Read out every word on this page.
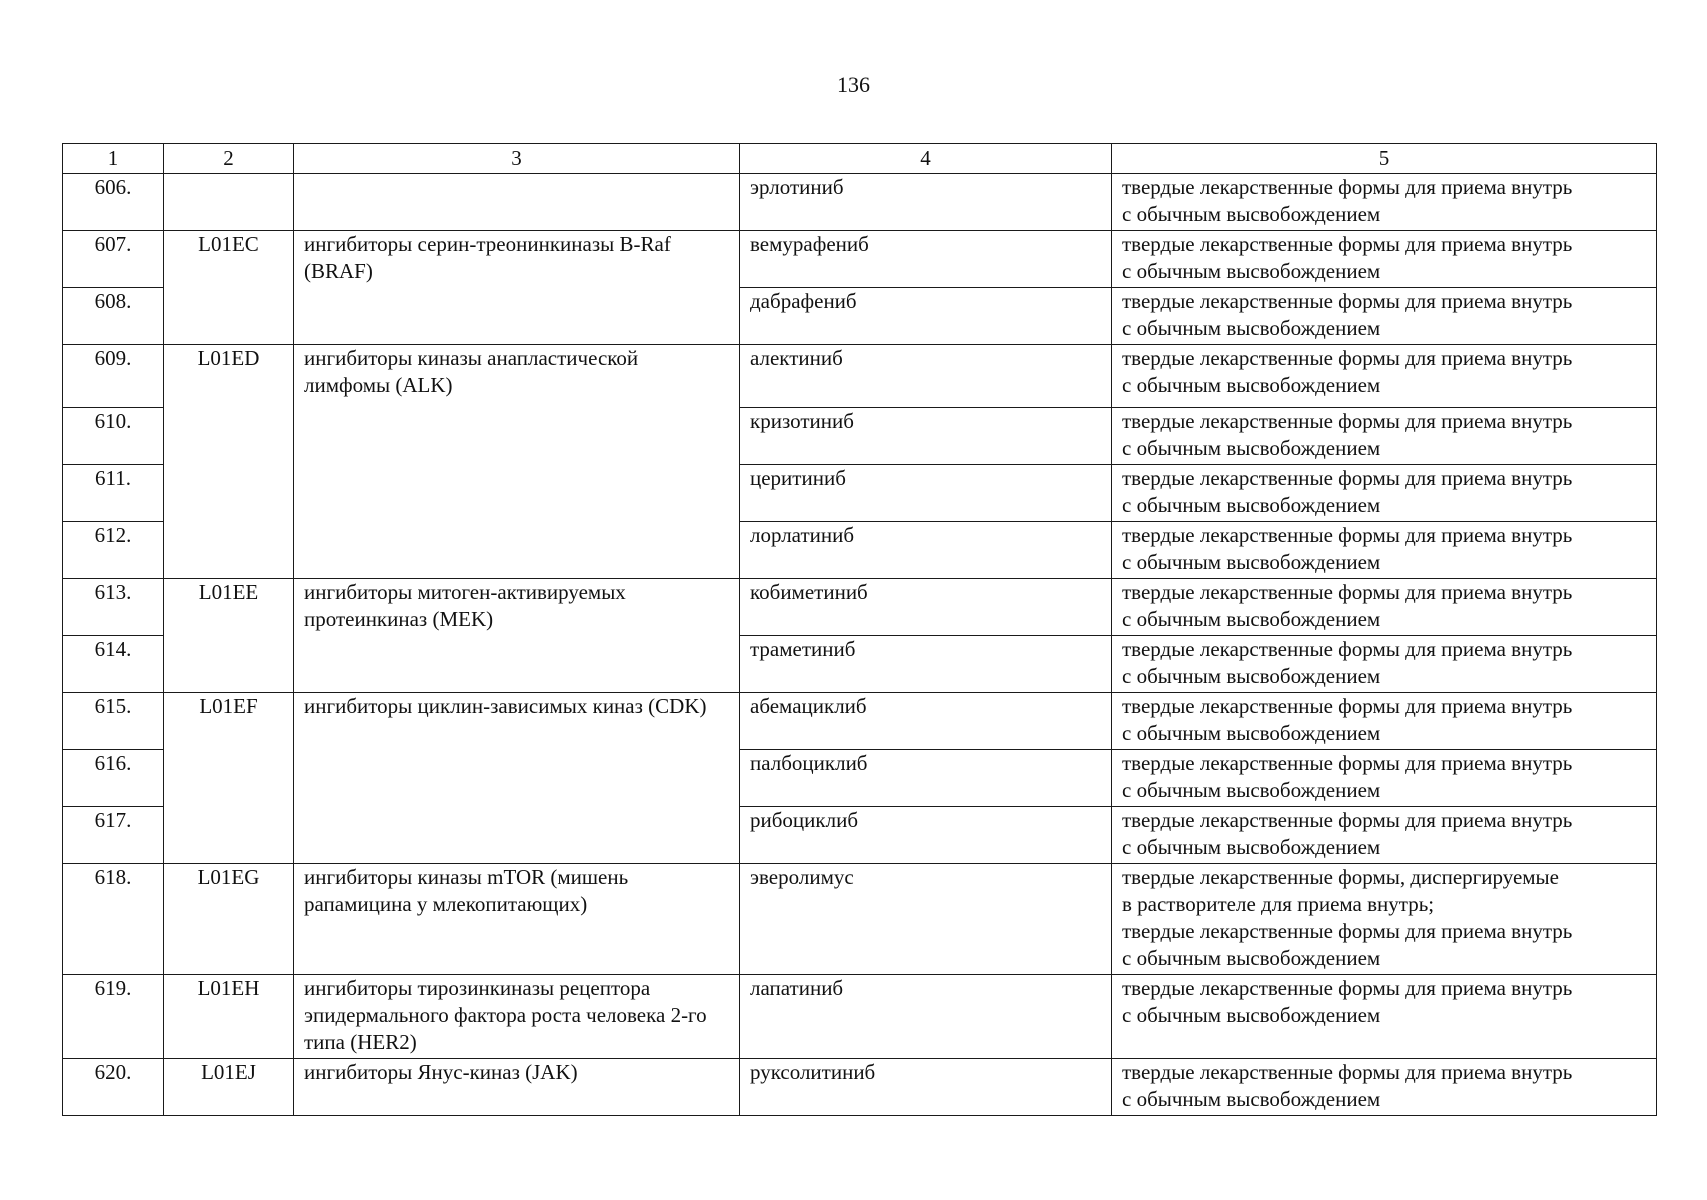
136
1	2	3	4	5
606.			эрлотиниб	твердые лекарственные формы для приема внутрь
с обычным высвобождением

607.	L01EC	ингибиторы серин-треонинкиназы B-Raf (BRAF)	вемурафениб	твердые лекарственные формы для приема внутрь
с обычным высвобождением

608.			дабрафениб	твердые лекарственные формы для приема внутрь
с обычным высвобождением

609.	L01ED	ингибиторы киназы анапластической лимфомы (ALK)	алектиниб	твердые лекарственные формы для приема внутрь
с обычным высвобождением

610.			кризотиниб	твердые лекарственные формы для приема внутрь
с обычным высвобождением

611.			церитиниб	твердые лекарственные формы для приема внутрь
с обычным высвобождением

612.			лорлатиниб	твердые лекарственные формы для приема внутрь
с обычным высвобождением

613.	L01EE	ингибиторы митоген-активируемых протеинкиназ (MEK)	кобиметиниб	твердые лекарственные формы для приема внутрь
с обычным высвобождением

614.			траметиниб	твердые лекарственные формы для приема внутрь
с обычным высвобождением

615.	L01EF	ингибиторы циклин-зависимых киназ (CDK)	абемациклиб	твердые лекарственные формы для приема внутрь
с обычным высвобождением

616.			палбоциклиб	твердые лекарственные формы для приема внутрь
с обычным высвобождением

617.			рибоциклиб	твердые лекарственные формы для приема внутрь
с обычным высвобождением

618.	L01EG	ингибиторы киназы mTOR (мишень рапамицина у млекопитающих)	эверолимус	твердые лекарственные формы, диспергируемые
в растворителе для приема внутрь;
твердые лекарственные формы для приема внутрь
с обычным высвобождением

619.	L01EH	ингибиторы тирозинкиназы рецептора эпидермального фактора роста человека 2-го типа (HER2)	лапатиниб	твердые лекарственные формы для приема внутрь
с обычным высвобождением

620.	L01EJ	ингибиторы Янус-киназ (JAK)	руксолитиниб	твердые лекарственные формы для приема внутрь
с обычным высвобождением
